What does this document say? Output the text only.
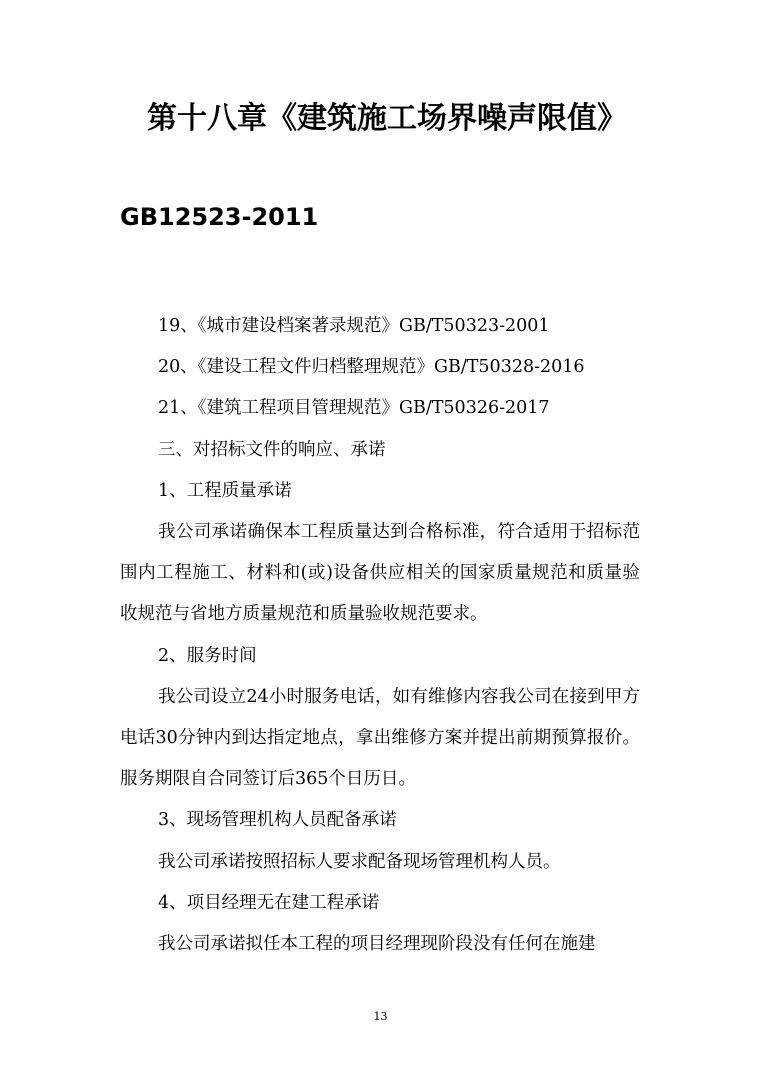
第十八章《建筑施工场界噪声限值》
GB12523-2011

19、《城市建设档案著录规范》GB/T50323-2001

20、《建设工程文件归档整理规范》GB/T50328-2016

21、《建筑工程项目管理规范》GB/T50326-2017

三、对招标文件的响应、承诺

1、工程质量承诺

我公司承诺确保本工程质量达到合格标准，符合适用于招标范围内工程施工、材料和(或)设备供应相关的国家质量规范和质量验收规范与省地方质量规范和质量验收规范要求。

2、服务时间

我公司设立24小时服务电话，如有维修内容我公司在接到甲方电话30分钟内到达指定地点，拿出维修方案并提出前期预算报价。服务期限自合同签订后365个日历日。

3、现场管理机构人员配备承诺

我公司承诺按照招标人要求配备现场管理机构人员。

4、项目经理无在建工程承诺

我公司承诺拟任本工程的项目经理现阶段没有任何在施建

13
